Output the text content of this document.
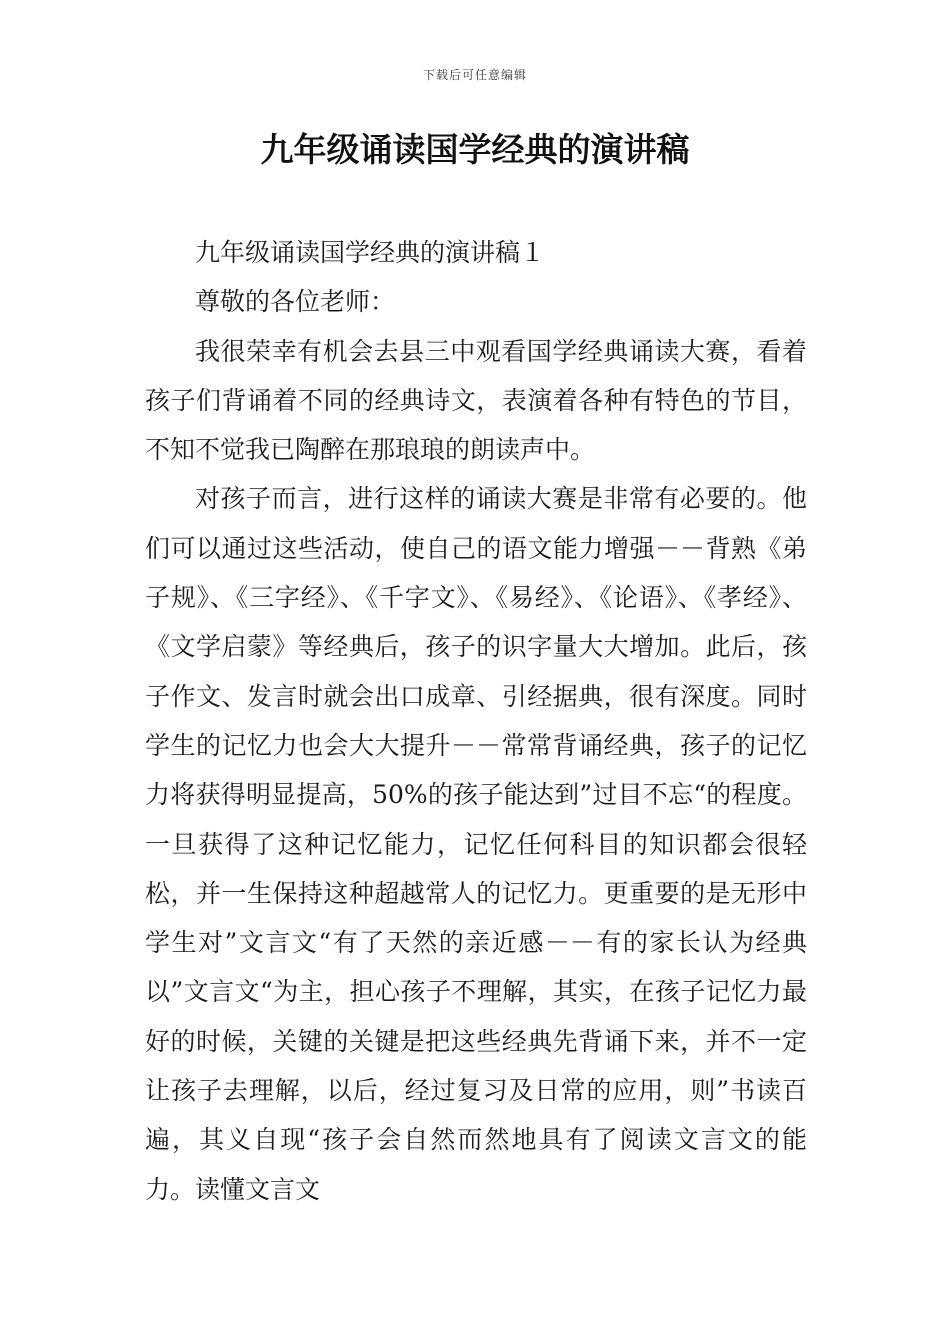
下载后可任意编辑
九年级诵读国学经典的演讲稿

九年级诵读国学经典的演讲稿１

尊敬的各位老师：

我很荣幸有机会去县三中观看国学经典诵读大赛，看着孩子们背诵着不同的经典诗文，表演着各种有特色的节目，不知不觉我已陶醉在那琅琅的朗读声中。

对孩子而言，进行这样的诵读大赛是非常有必要的。他们可以通过这些活动，使自己的语文能力增强－－背熟《弟子规》、《三字经》、《千字文》、《易经》、《论语》、《孝经》、《文学启蒙》等经典后，孩子的识字量大大增加。此后，孩子作文、发言时就会出口成章、引经据典，很有深度。同时学生的记忆力也会大大提升－－常常背诵经典，孩子的记忆力将获得明显提高，50%的孩子能达到”过目不忘“的程度。一旦获得了这种记忆能力，记忆任何科目的知识都会很轻松，并一生保持这种超越常人的记忆力。更重要的是无形中学生对”文言文“有了天然的亲近感－－有的家长认为经典以”文言文“为主，担心孩子不理解，其实，在孩子记忆力最好的时候，关键的关键是把这些经典先背诵下来，并不一定让孩子去理解，以后，经过复习及日常的应用，则”书读百遍，其义自现“孩子会自然而然地具有了阅读文言文的能力。读懂文言文
